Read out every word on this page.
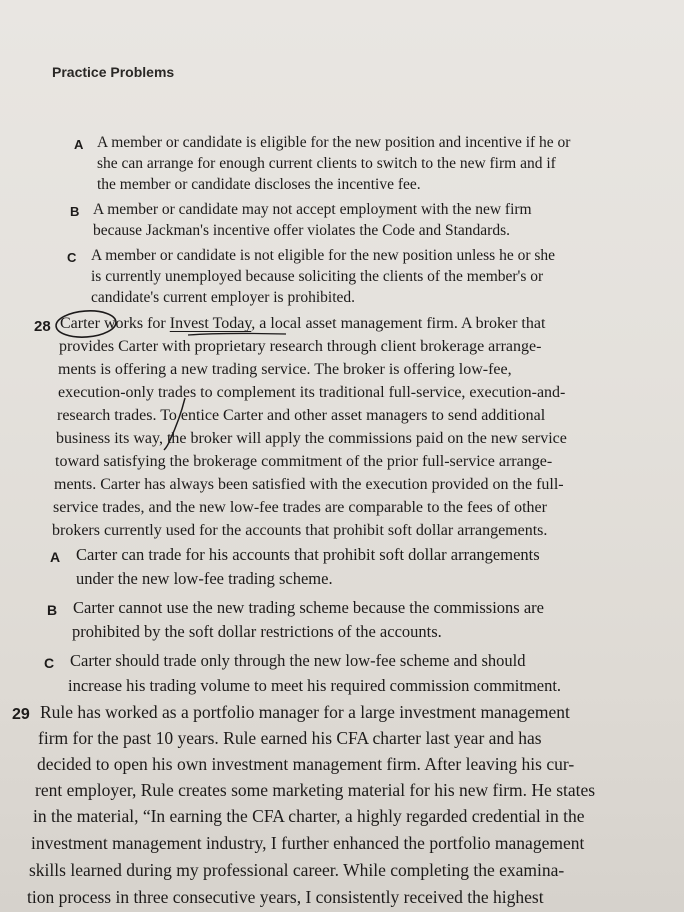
Practice Problems
A A member or candidate is eligible for the new position and incentive if he or
she can arrange for enough current clients to switch to the new firm and if
the member or candidate discloses the incentive fee.
B A member or candidate may not accept employment with the new firm
because Jackman's incentive offer violates the Code and Standards.
C A member or candidate is not eligible for the new position unless he or she
is currently unemployed because soliciting the clients of the member's or
candidate's current employer is prohibited.
28 Carter works for Invest Today, a local asset management firm. A broker that
provides Carter with proprietary research through client brokerage arrange-
ments is offering a new trading service. The broker is offering low-fee,
execution-only trades to complement its traditional full-service, execution-and-
research trades. To entice Carter and other asset managers to send additional
business its way, the broker will apply the commissions paid on the new service
toward satisfying the brokerage commitment of the prior full-service arrange-
ments. Carter has always been satisfied with the execution provided on the full-
service trades, and the new low-fee trades are comparable to the fees of other
brokers currently used for the accounts that prohibit soft dollar arrangements.
A Carter can trade for his accounts that prohibit soft dollar arrangements
under the new low-fee trading scheme.
B Carter cannot use the new trading scheme because the commissions are
prohibited by the soft dollar restrictions of the accounts.
C Carter should trade only through the new low-fee scheme and should
increase his trading volume to meet his required commission commitment.
29 Rule has worked as a portfolio manager for a large investment management
firm for the past 10 years. Rule earned his CFA charter last year and has
decided to open his own investment management firm. After leaving his cur-
rent employer, Rule creates some marketing material for his new firm. He states
in the material, “In earning the CFA charter, a highly regarded credential in the
investment management industry, I further enhanced the portfolio management
skills learned during my professional career. While completing the examina-
tion process in three consecutive years, I consistently received the highest
